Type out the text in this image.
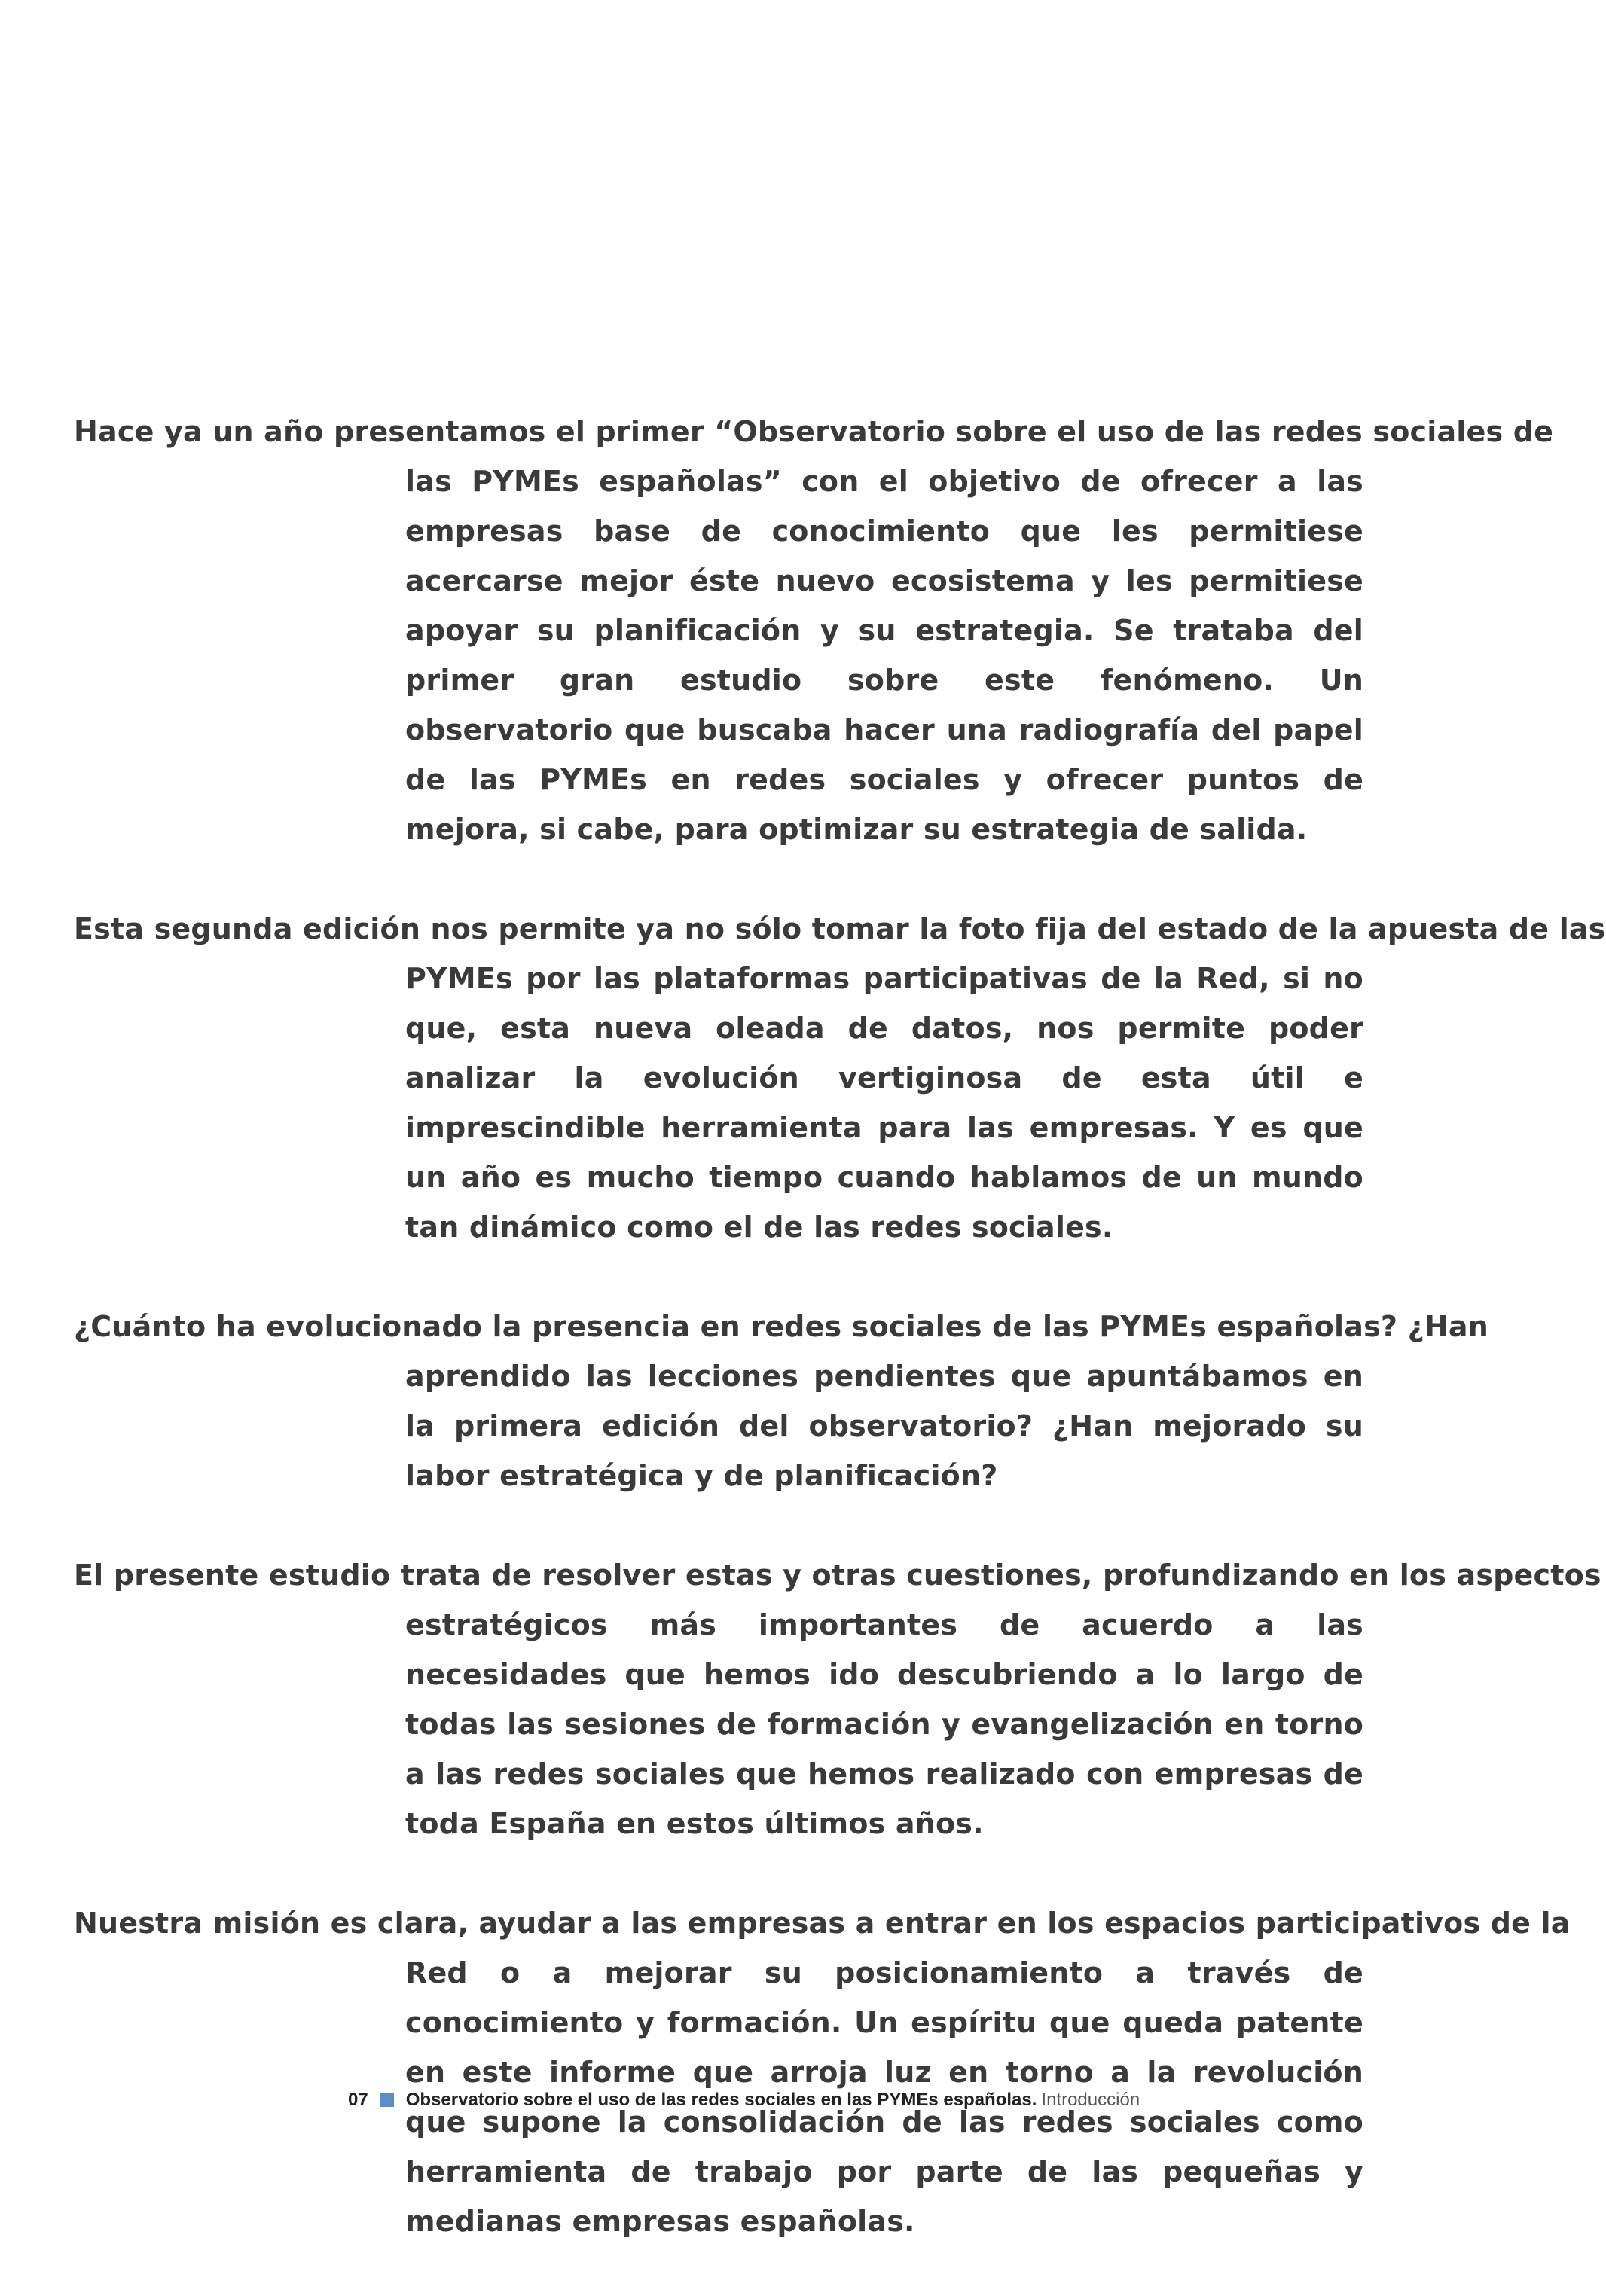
Hace ya un año presentamos el primer “Observatorio sobre el uso de las redes sociales de
las PYMEs españolas” con el objetivo de ofrecer a las empresas base de conocimiento que les permitiese acercarse mejor éste nuevo ecosistema y les permitiese apoyar su planificación y su estrategia. Se trataba del primer gran estudio sobre este fenómeno. Un observatorio que buscaba hacer una radiografía del papel de las PYMEs en redes sociales y ofrecer puntos de mejora, si cabe, para optimizar su estrategia de salida.

Esta segunda edición nos permite ya no sólo tomar la foto fija del estado de la apuesta de las
PYMEs por las plataformas participativas de la Red, si no que, esta nueva oleada de datos, nos permite poder analizar la evolución vertiginosa de esta útil e imprescindible herramienta para las empresas. Y es que un año es mucho tiempo cuando hablamos de un mundo tan dinámico como el de las redes sociales.

¿Cuánto ha evolucionado la presencia en redes sociales de las PYMEs españolas? ¿Han
aprendido las lecciones pendientes que apuntábamos en la primera edición del observatorio? ¿Han mejorado su labor estratégica y de planificación?

El presente estudio trata de resolver estas y otras cuestiones, profundizando en los aspectos
estratégicos más importantes de acuerdo a las necesidades que hemos ido descubriendo a lo largo de todas las sesiones de formación y evangelización en torno a las redes sociales que hemos realizado con empresas de toda España en estos últimos años.

Nuestra misión es clara, ayudar a las empresas a entrar en los espacios participativos de la
Red o a mejorar su posicionamiento a través de conocimiento y formación. Un espíritu que queda patente en este informe que arroja luz en torno a la revolución que supone la consolidación de las redes sociales como herramienta de trabajo por parte de las pequeñas y medianas empresas españolas.

07 Observatorio sobre el uso de las redes sociales en las PYMEs españolas. Introducción
